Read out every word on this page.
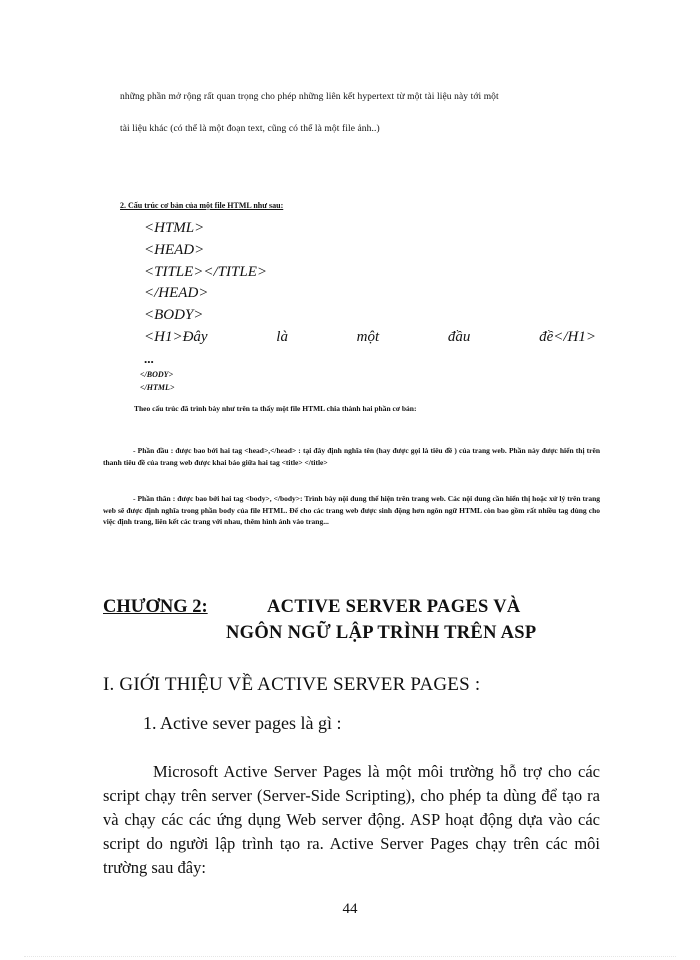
những phần mở rộng rất quan trọng cho phép những liên kết hypertext từ một tài liệu này tới một
tài liệu khác (có thể là một đoạn text, cũng có thể là một file ảnh..)
2. Cấu trúc cơ bản của một file HTML như sau:
<HTML>
<HEAD>
<TITLE></TITLE>
</HEAD>
<BODY>
<H1>Đây	là	một	đầu	đề</H1>
...
</BODY>
</HTML>
Theo cấu trúc đã trình bày như trên ta thấy một file HTML chia thành hai phần cơ bản:
- Phần đầu : được bao bởi hai tag <head>,</head> : tại đây định nghĩa tên (hay được gọi là tiêu đề ) của trang web. Phần này được hiển thị trên thanh tiêu đề của trang web được khai báo giữa hai tag <title> </title>
- Phần thân : được bao bởi hai tag <body>, </body>: Trình bày nội dung thể hiện trên trang web. Các nội dung cần hiển thị hoặc xử lý trên trang web sẽ được định nghĩa trong phần body của file HTML. Để cho các trang web được sinh động hơn ngôn ngữ HTML còn bao gồm rất nhiều tag dùng cho việc định trang, liên kết các trang với nhau, thêm hình ảnh vào trang...
CHƯƠNG 2:	ACTIVE SERVER PAGES VÀ
NGÔN NGỮ LẬP TRÌNH TRÊN ASP
I. GIỚI THIỆU VỀ ACTIVE SERVER PAGES :
1. Active sever pages là gì :
Microsoft Active Server Pages là một môi trường hỗ trợ cho các script chạy trên server (Server-Side Scripting), cho phép ta dùng để tạo ra và chạy các các ứng dụng Web server động. ASP hoạt động dựa vào các script do người lập trình tạo ra. Active Server Pages chạy trên các môi trường sau đây:
44
